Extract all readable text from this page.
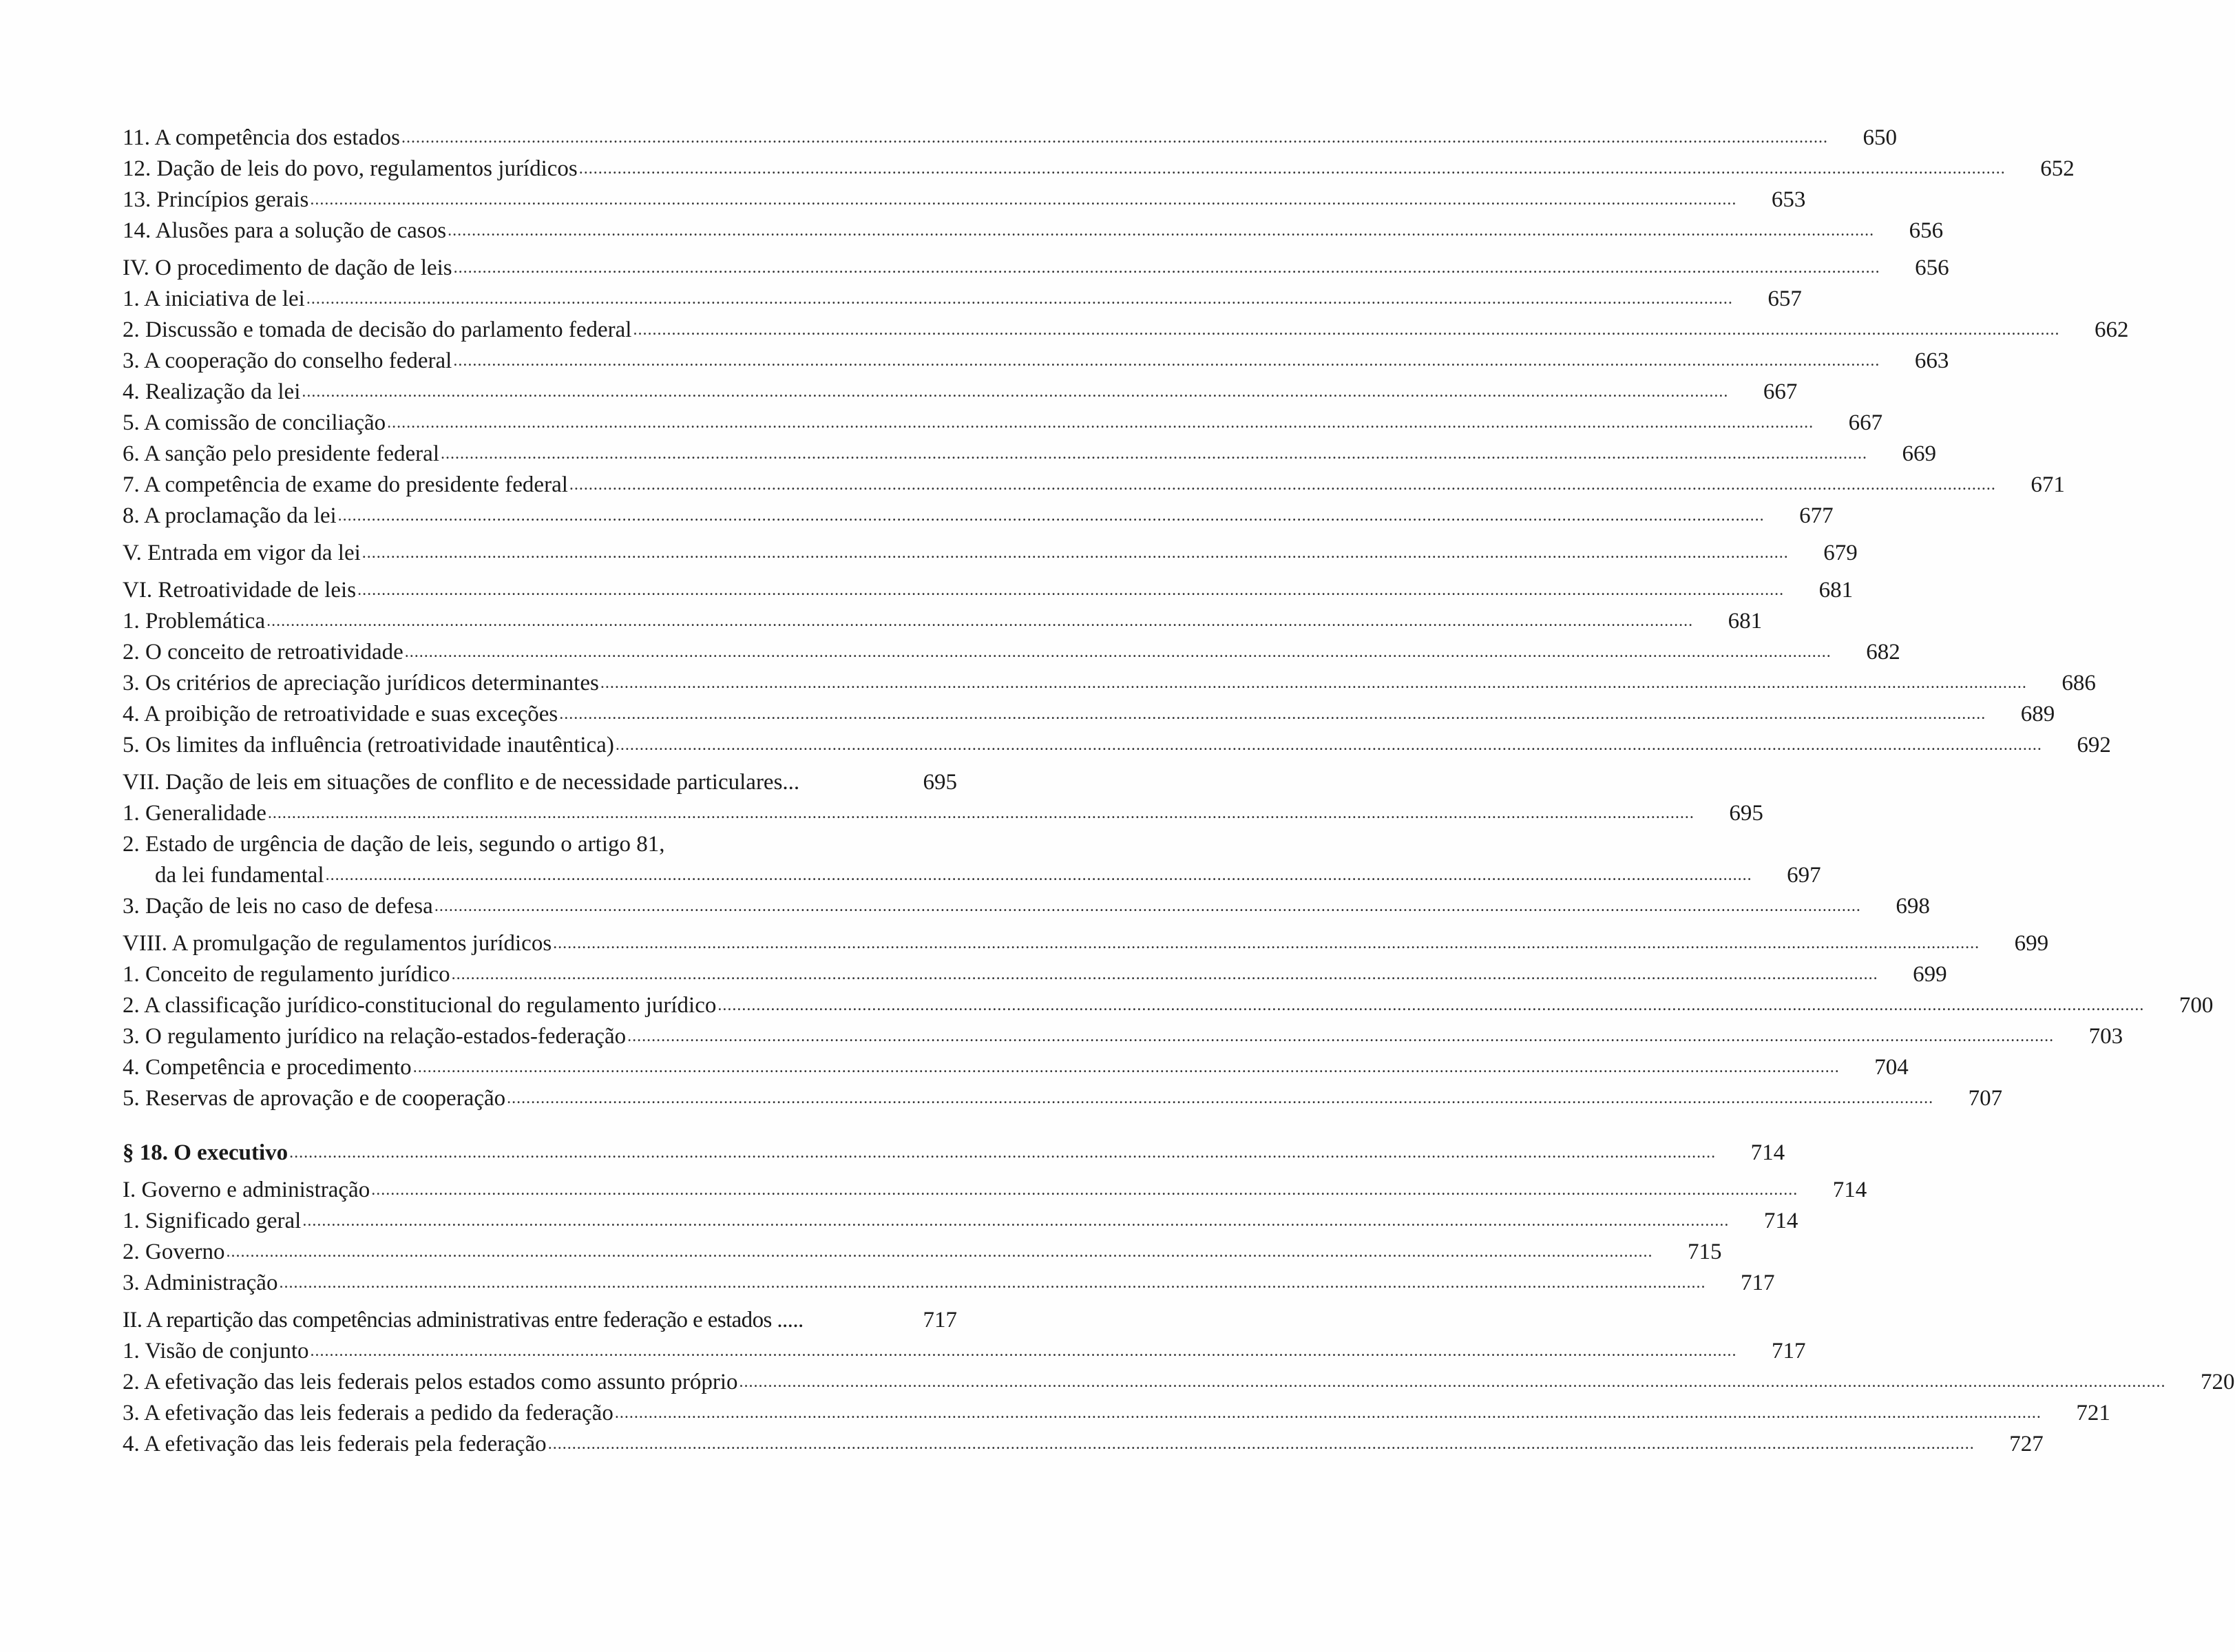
11. A competência dos estados .....	650
12. Dação de leis do povo, regulamentos jurídicos .....	652
13. Princípios gerais .....	653
14. Alusões para a solução de casos .....	656
IV. O procedimento de dação de leis .....	656
1. A iniciativa de lei .....	657
2. Discussão e tomada de decisão do parlamento federal .....	662
3. A cooperação do conselho federal .....	663
4. Realização da lei .....	667
5. A comissão de conciliação .....	667
6. A sanção pelo presidente federal .....	669
7. A competência de exame do presidente federal .....	671
8. A proclamação da lei .....	677
V. Entrada em vigor da lei .....	679
VI. Retroatividade de leis .....	681
1. Problemática .....	681
2. O conceito de retroatividade .....	682
3. Os critérios de apreciação jurídicos determinantes .....	686
4. A proibição de retroatividade e suas exceções .....	689
5. Os limites da influência (retroatividade inautêntica) .....	692
VII. Dação de leis em situações de conflito e de necessidade particulares...	695
1. Generalidade .....	695
2. Estado de urgência de dação de leis, segundo o artigo 81,
da lei fundamental .....	697
3. Dação de leis no caso de defesa .....	698
VIII. A promulgação de regulamentos jurídicos .....	699
1. Conceito de regulamento jurídico .....	699
2. A classificação jurídico-constitucional do regulamento jurídico .....	700
3. O regulamento jurídico na relação-estados-federação .....	703
4. Competência e procedimento .....	704
5. Reservas de aprovação e de cooperação .....	707
§ 18. O executivo .....	714
I. Governo e administração .....	714
1. Significado geral .....	714
2. Governo .....	715
3. Administração .....	717
II. A repartição das competências administrativas entre federação e estados .....	717
1. Visão de conjunto .....	717
2. A efetivação das leis federais pelos estados como assunto próprio .....	720
3. A efetivação das leis federais a pedido da federação .....	721
4. A efetivação das leis federais pela federação .....	727
